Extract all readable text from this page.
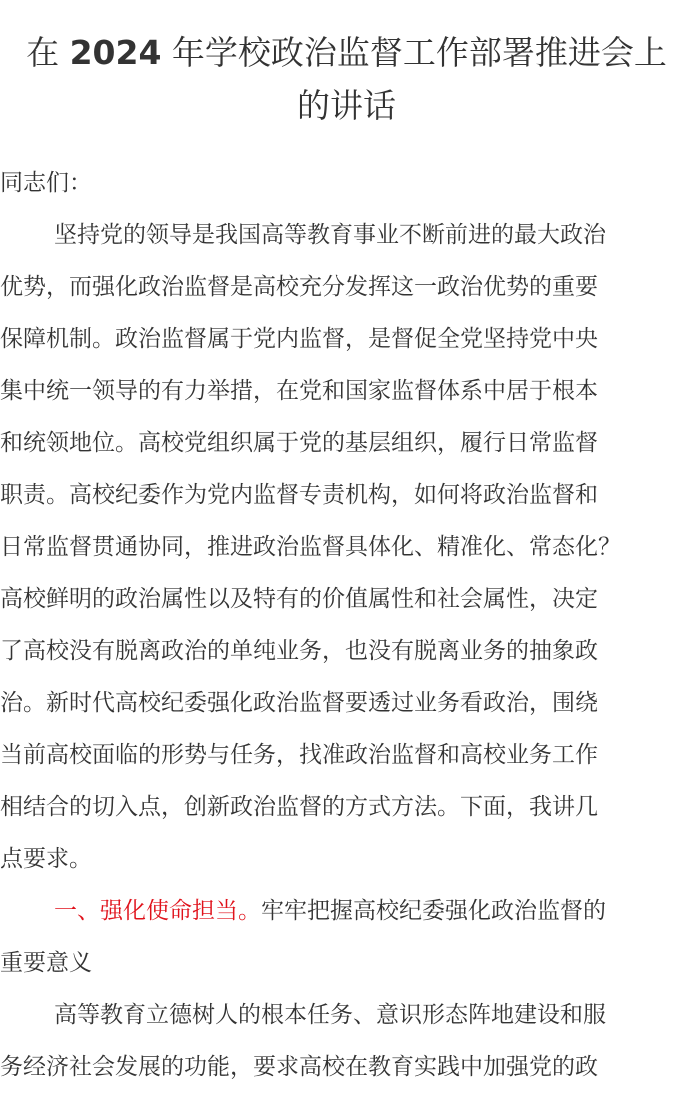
在 2024 年学校政治监督工作部署推进会上
的讲话
同志们：
坚持党的领导是我国高等教育事业不断前进的最大政治
优势，而强化政治监督是高校充分发挥这一政治优势的重要
保障机制。政治监督属于党内监督，是督促全党坚持党中央
集中统一领导的有力举措，在党和国家监督体系中居于根本
和统领地位。高校党组织属于党的基层组织，履行日常监督
职责。高校纪委作为党内监督专责机构，如何将政治监督和
日常监督贯通协同，推进政治监督具体化、精准化、常态化？
高校鲜明的政治属性以及特有的价值属性和社会属性，决定
了高校没有脱离政治的单纯业务，也没有脱离业务的抽象政
治。新时代高校纪委强化政治监督要透过业务看政治，围绕
当前高校面临的形势与任务，找准政治监督和高校业务工作
相结合的切入点，创新政治监督的方式方法。下面，我讲几
点要求。
一、强化使命担当。牢牢把握高校纪委强化政治监督的
重要意义
高等教育立德树人的根本任务、意识形态阵地建设和服
务经济社会发展的功能，要求高校在教育实践中加强党的政
